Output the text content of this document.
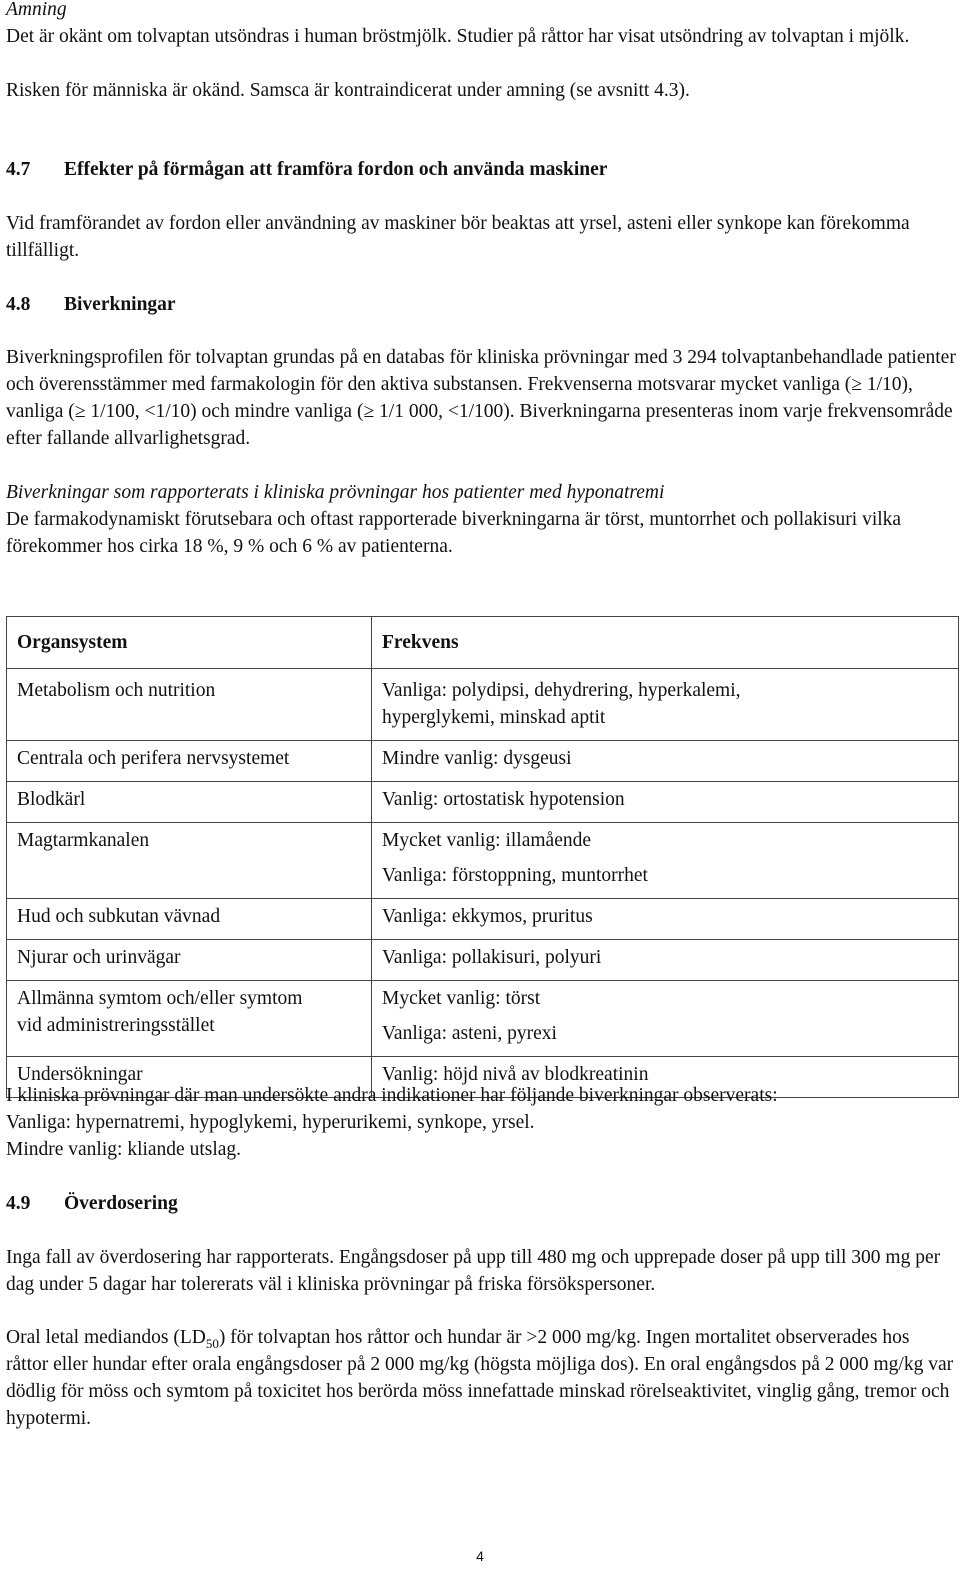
Amning

Det är okänt om tolvaptan utsöndras i human bröstmjölk. Studier på råttor har visat utsöndring av tolvaptan i mjölk.

Risken för människa är okänd. Samsca är kontraindicerat under amning (se avsnitt 4.3).

4.7	Effekter på förmågan att framföra fordon och använda maskiner

Vid framförandet av fordon eller användning av maskiner bör beaktas att yrsel, asteni eller synkope kan förekomma tillfälligt.

4.8	Biverkningar

Biverkningsprofilen för tolvaptan grundas på en databas för kliniska prövningar med 3 294 tolvaptanbehandlade patienter och överensstämmer med farmakologin för den aktiva substansen. Frekvenserna motsvarar mycket vanliga (≥ 1/10), vanliga (≥ 1/100, <1/10) och mindre vanliga (≥ 1/1 000, <1/100). Biverkningarna presenteras inom varje frekvensområde efter fallande allvarlighetsgrad.

Biverkningar som rapporterats i kliniska prövningar hos patienter med hyponatremi

De farmakodynamiskt förutsebara och oftast rapporterade biverkningarna är törst, muntorrhet och pollakisuri vilka förekommer hos cirka 18 %, 9 % och 6 % av patienterna.

Organsystem	Frekvens
Metabolism och nutrition	Vanliga: polydipsi, dehydrering, hyperkalemi,
hyperglykemi, minskad aptit

Centrala och perifera nervsystemet	Mindre vanlig: dysgeusi
Blodkärl	Vanlig: ortostatisk hypotension
Magtarmkanalen	Mycket vanlig: illamående
Vanliga: förstoppning, muntorrhet

Hud och subkutan vävnad	Vanliga: ekkymos, pruritus
Njurar och urinvägar	Vanliga: pollakisuri, polyuri

Allmänna symtom och/eller symtom
vid administreringsstället	Mycket vanlig: törst
Vanliga: asteni, pyrexi

Undersökningar	Vanlig: höjd nivå av blodkreatinin

I kliniska prövningar där man undersökte andra indikationer har följande biverkningar observerats:

Vanliga: hypernatremi, hypoglykemi, hyperurikemi, synkope, yrsel.

Mindre vanlig: kliande utslag.

4.9	Överdosering

Inga fall av överdosering har rapporterats. Engångsdoser på upp till 480 mg och upprepade doser på upp till 300 mg per dag under 5 dagar har tolererats väl i kliniska prövningar på friska försökspersoner.

Oral letal mediandos $(LD_{50})$ för tolvaptan hos råttor och hundar är >2 000 mg/kg. Ingen mortalitet observerades hos råttor eller hundar efter orala engångsdoser på 2 000 mg/kg (högsta möjliga dos). En oral engångsdos på 2 000 mg/kg var dödlig för möss och symtom på toxicitet hos berörda möss innefattade minskad rörelseaktivitet, vinglig gång, tremor och hypotermi.

4
